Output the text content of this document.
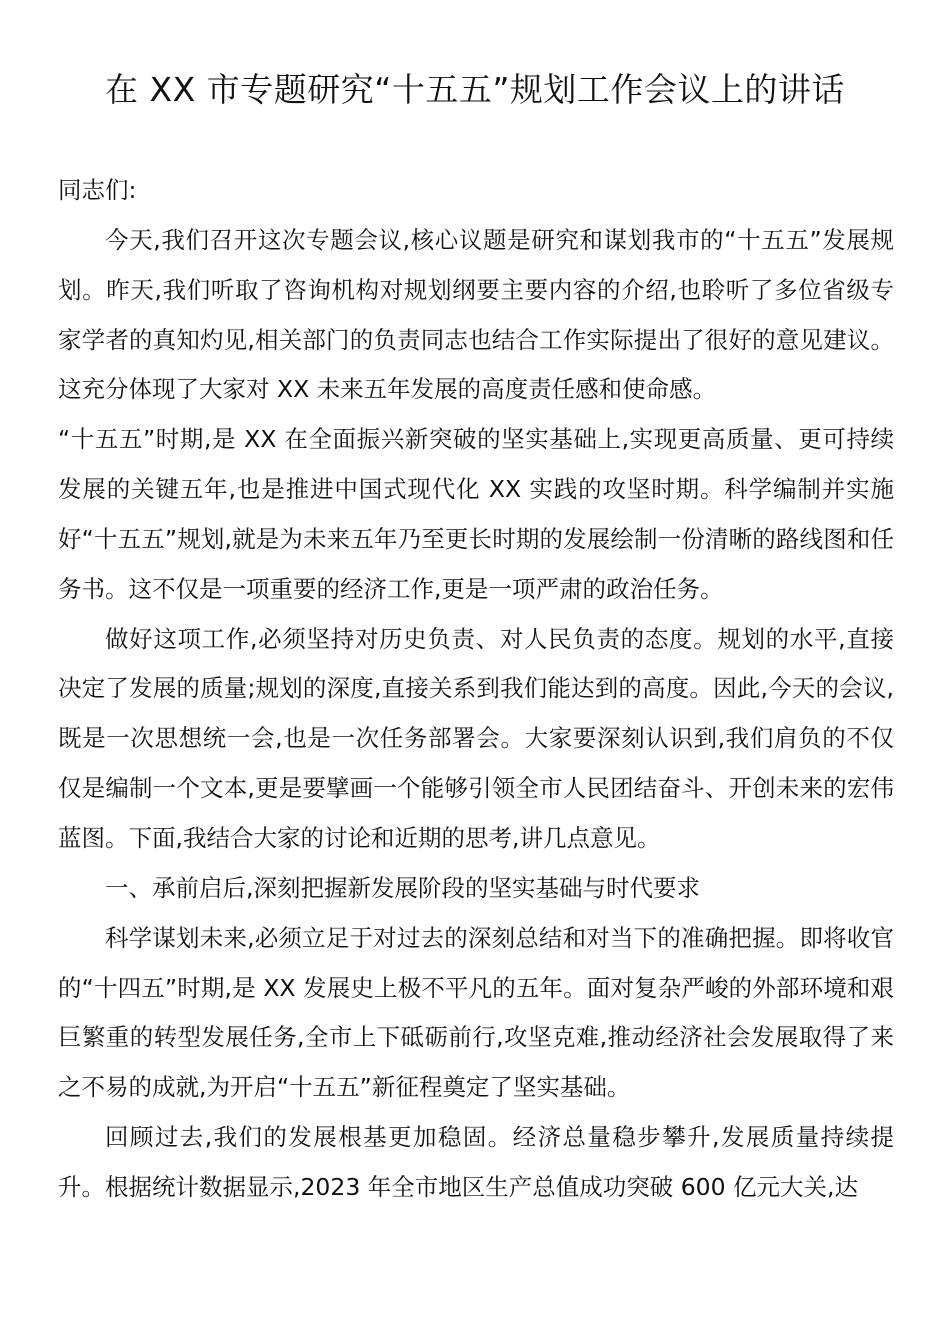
在 XX 市专题研究“十五五”规划工作会议上的讲话

同志们:

今天,我们召开这次专题会议,核心议题是研究和谋划我市的“十五五”发展规划。昨天,我们听取了咨询机构对规划纲要主要内容的介绍,也聆听了多位省级专家学者的真知灼见,相关部门的负责同志也结合工作实际提出了很好的意见建议。这充分体现了大家对 XX 未来五年发展的高度责任感和使命感。

“十五五”时期,是 XX 在全面振兴新突破的坚实基础上,实现更高质量、更可持续发展的关键五年,也是推进中国式现代化 XX 实践的攻坚时期。科学编制并实施好“十五五”规划,就是为未来五年乃至更长时期的发展绘制一份清晰的路线图和任务书。这不仅是一项重要的经济工作,更是一项严肃的政治任务。

做好这项工作,必须坚持对历史负责、对人民负责的态度。规划的水平,直接决定了发展的质量;规划的深度,直接关系到我们能达到的高度。因此,今天的会议,既是一次思想统一会,也是一次任务部署会。大家要深刻认识到,我们肩负的不仅仅是编制一个文本,更是要擘画一个能够引领全市人民团结奋斗、开创未来的宏伟蓝图。下面,我结合大家的讨论和近期的思考,讲几点意见。

一、承前启后,深刻把握新发展阶段的坚实基础与时代要求

科学谋划未来,必须立足于对过去的深刻总结和对当下的准确把握。即将收官的“十四五”时期,是 XX 发展史上极不平凡的五年。面对复杂严峻的外部环境和艰巨繁重的转型发展任务,全市上下砥砺前行,攻坚克难,推动经济社会发展取得了来之不易的成就,为开启“十五五”新征程奠定了坚实基础。

回顾过去,我们的发展根基更加稳固。经济总量稳步攀升,发展质量持续提升。根据统计数据显示,2023 年全市地区生产总值成功突破 600 亿元大关,达
